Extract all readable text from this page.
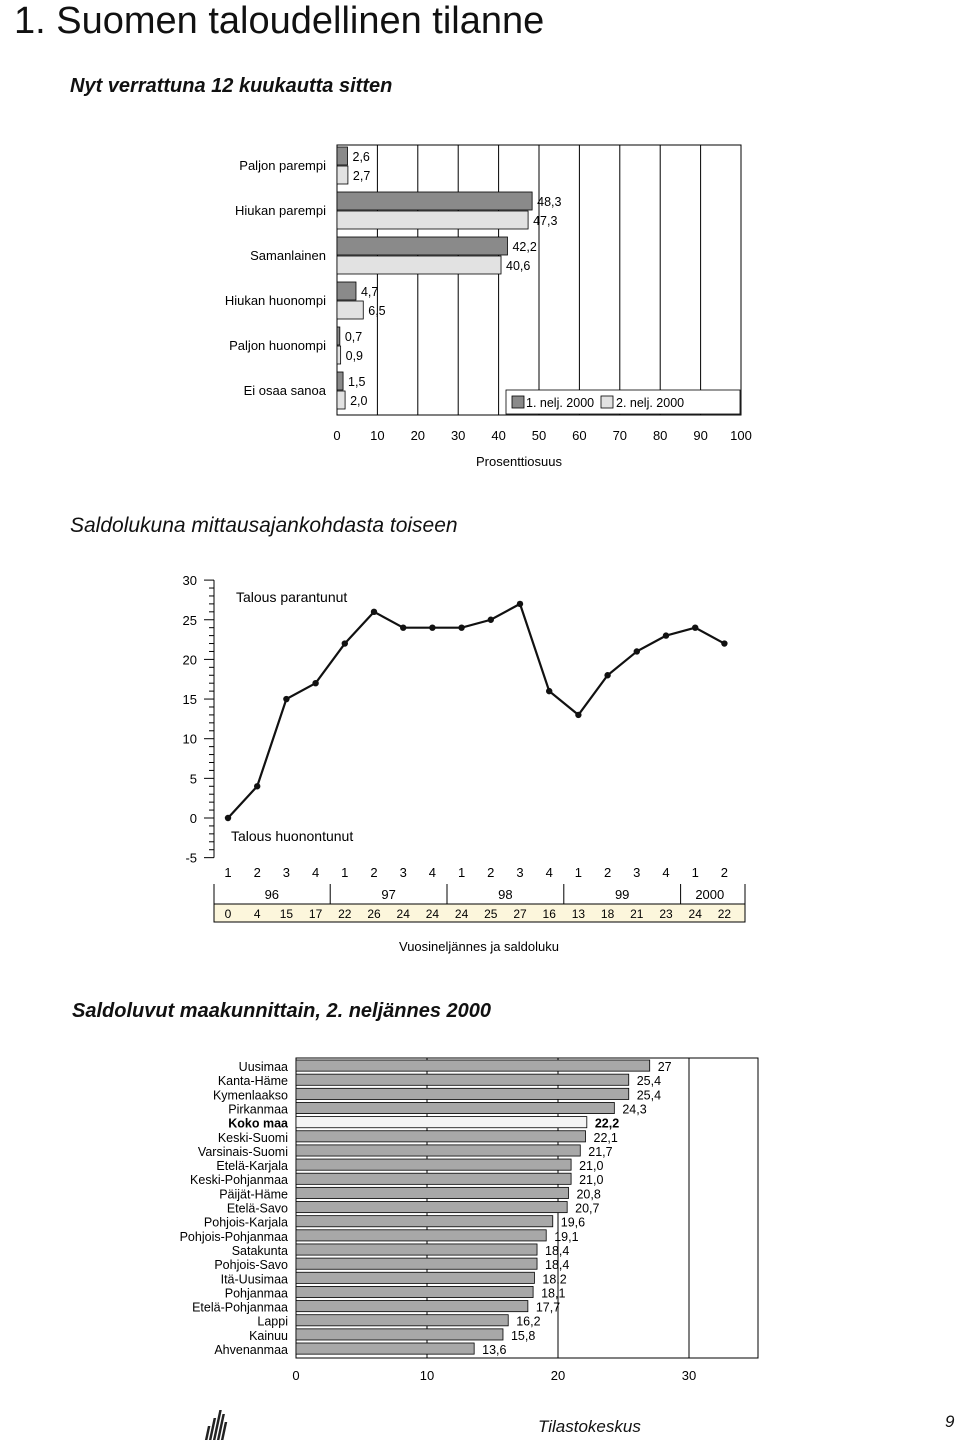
1. Suomen taloudellinen tilanne
Nyt verrattuna 12 kuukautta sitten
Saldolukuna mittausajankohdasta toiseen
Saldoluvut maakunnittain, 2. neljännes 2000
0 10 20 30 40 50 60 70 80 90 100
Prosenttiosuus
Paljon parempi
2,6
2,7
Hiukan parempi
48,3
47,3
Samanlainen
42,2
40,6
Hiukan huonompi
4,7
6,5
Paljon huonompi
0,7
0,9
Ei osaa sanoa
1,5
2,0	1. nelj. 2000 2. nelj. 2000
30
25
20
15
10
5
0
-5
Talous parantunut
Talous huonontunut
1 2 3 4 1 2 3 4 1 2 3 4 1 2 3 4 1 2
96	97	98	99	2000
0 4 15 17 22 26 24 24 24 25 27 16 13 18 21 23 24 22
Vuosineljännes ja saldoluku
0	10	20	30
Uusimaa	27
Kanta-Häme	25,4
Kymenlaakso	25,4
Pirkanmaa	24,3
Koko maa	22,2
Keski-Suomi	22,1
Varsinais-Suomi	21,7
Etelä-Karjala	21,0
Keski-Pohjanmaa	21,0
Päijät-Häme	20,8
Etelä-Savo	20,7
Pohjois-Karjala	19,6
Pohjois-Pohjanmaa	19,1
Satakunta	18,4
Pohjois-Savo	18,4
Itä-Uusimaa	18,2
Pohjanmaa	18,1
Etelä-Pohjanmaa	17,7
Lappi	16,2
Kainuu	15,8
Ahvenanmaa	13,6
Tilastokeskus	9
